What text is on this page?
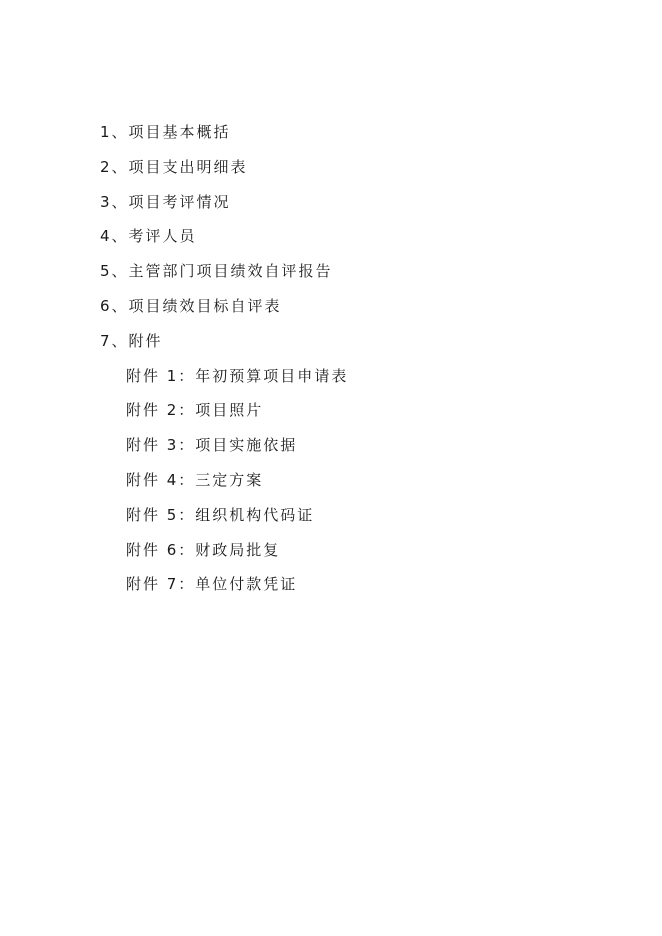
1、项目基本概括
2、项目支出明细表
3、项目考评情况
4、考评人员
5、主管部门项目绩效自评报告
6、项目绩效目标自评表
7、附件
附件 1：年初预算项目申请表
附件 2：项目照片
附件 3：项目实施依据
附件 4：三定方案
附件 5：组织机构代码证
附件 6：财政局批复
附件 7：单位付款凭证
